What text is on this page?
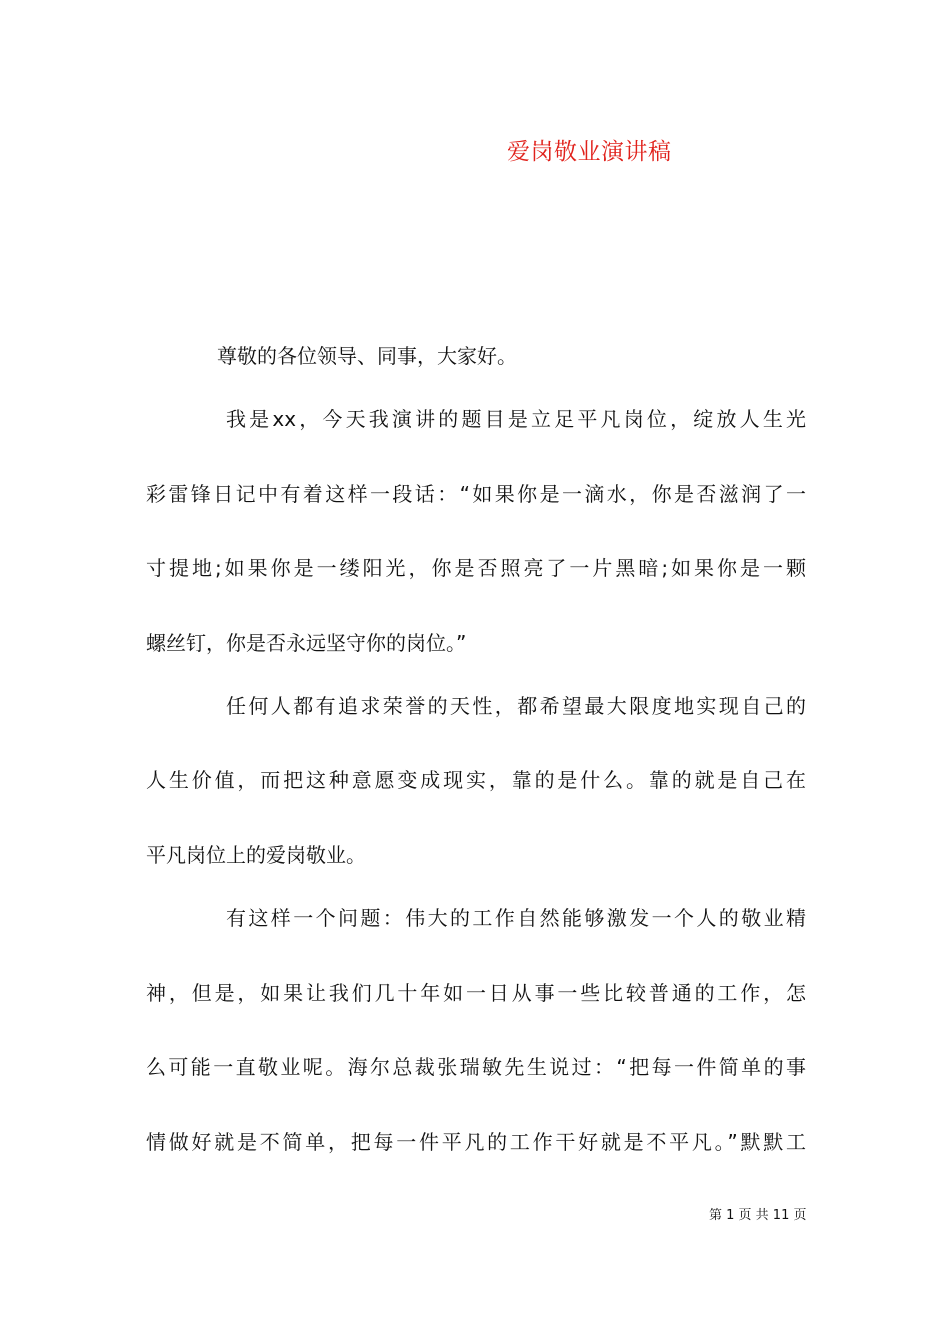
爱岗敬业演讲稿
尊敬的各位领导、同事，大家好。
我是xx，今天我演讲的题目是立足平凡岗位，绽放人生光
彩雷锋日记中有着这样一段话：“如果你是一滴水，你是否滋润了一
寸提地;如果你是一缕阳光，你是否照亮了一片黑暗;如果你是一颗
螺丝钉，你是否永远坚守你的岗位。”
任何人都有追求荣誉的天性，都希望最大限度地实现自己的
人生价值，而把这种意愿变成现实，靠的是什么。靠的就是自己在
平凡岗位上的爱岗敬业。
有这样一个问题：伟大的工作自然能够激发一个人的敬业精
神，但是，如果让我们几十年如一日从事一些比较普通的工作，怎
么可能一直敬业呢。海尔总裁张瑞敏先生说过：“把每一件简单的事
情做好就是不简单，把每一件平凡的工作干好就是不平凡。”默默工
第 1 页 共 11 页
